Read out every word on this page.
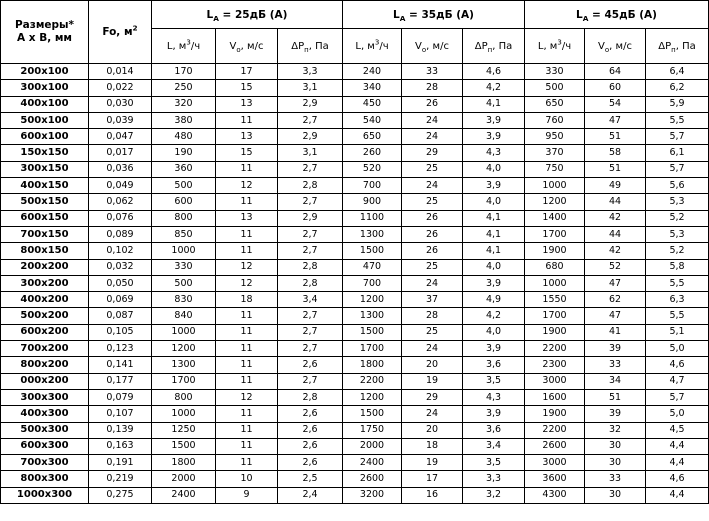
Размеры*
А х В, мм	Fo, $м^2$	$L_A = 25дБ$ (А)			$L_A = 35дБ$ (А)			$L_A = 45дБ$ (А)		
		L, $м^3/ч$	$V_o$, м/с	$\Delta P_п$, Па	L, $м^3/ч$	$V_o$, м/с	$\Delta P_п$, Па	L, $м^3/ч$	$V_o$, м/с	$\Delta P_п$, Па
200x100	0,014	170	17	3,3	240	33	4,6	330	64	6,4
300x100	0,022	250	15	3,1	340	28	4,2	500	60	6,2
400x100	0,030	320	13	2,9	450	26	4,1	650	54	5,9
500x100	0,039	380	11	2,7	540	24	3,9	760	47	5,5
600x100	0,047	480	13	2,9	650	24	3,9	950	51	5,7
150x150	0,017	190	15	3,1	260	29	4,3	370	58	6,1
300x150	0,036	360	11	2,7	520	25	4,0	750	51	5,7
400x150	0,049	500	12	2,8	700	24	3,9	1000	49	5,6
500x150	0,062	600	11	2,7	900	25	4,0	1200	44	5,3
600x150	0,076	800	13	2,9	1100	26	4,1	1400	42	5,2
700x150	0,089	850	11	2,7	1300	26	4,1	1700	44	5,3
800x150	0,102	1000	11	2,7	1500	26	4,1	1900	42	5,2
200x200	0,032	330	12	2,8	470	25	4,0	680	52	5,8
300x200	0,050	500	12	2,8	700	24	3,9	1000	47	5,5
400x200	0,069	830	18	3,4	1200	37	4,9	1550	62	6,3
500x200	0,087	840	11	2,7	1300	28	4,2	1700	47	5,5
600x200	0,105	1000	11	2,7	1500	25	4,0	1900	41	5,1
700x200	0,123	1200	11	2,7	1700	24	3,9	2200	39	5,0
800x200	0,141	1300	11	2,6	1800	20	3,6	2300	33	4,6
000x200	0,177	1700	11	2,7	2200	19	3,5	3000	34	4,7
300x300	0,079	800	12	2,8	1200	29	4,3	1600	51	5,7
400x300	0,107	1000	11	2,6	1500	24	3,9	1900	39	5,0
500x300	0,139	1250	11	2,6	1750	20	3,6	2200	32	4,5
600x300	0,163	1500	11	2,6	2000	18	3,4	2600	30	4,4
700x300	0,191	1800	11	2,6	2400	19	3,5	3000	30	4,4
800x300	0,219	2000	10	2,5	2600	17	3,3	3600	33	4,6
1000x300	0,275	2400	9	2,4	3200	16	3,2	4300	30	4,4
